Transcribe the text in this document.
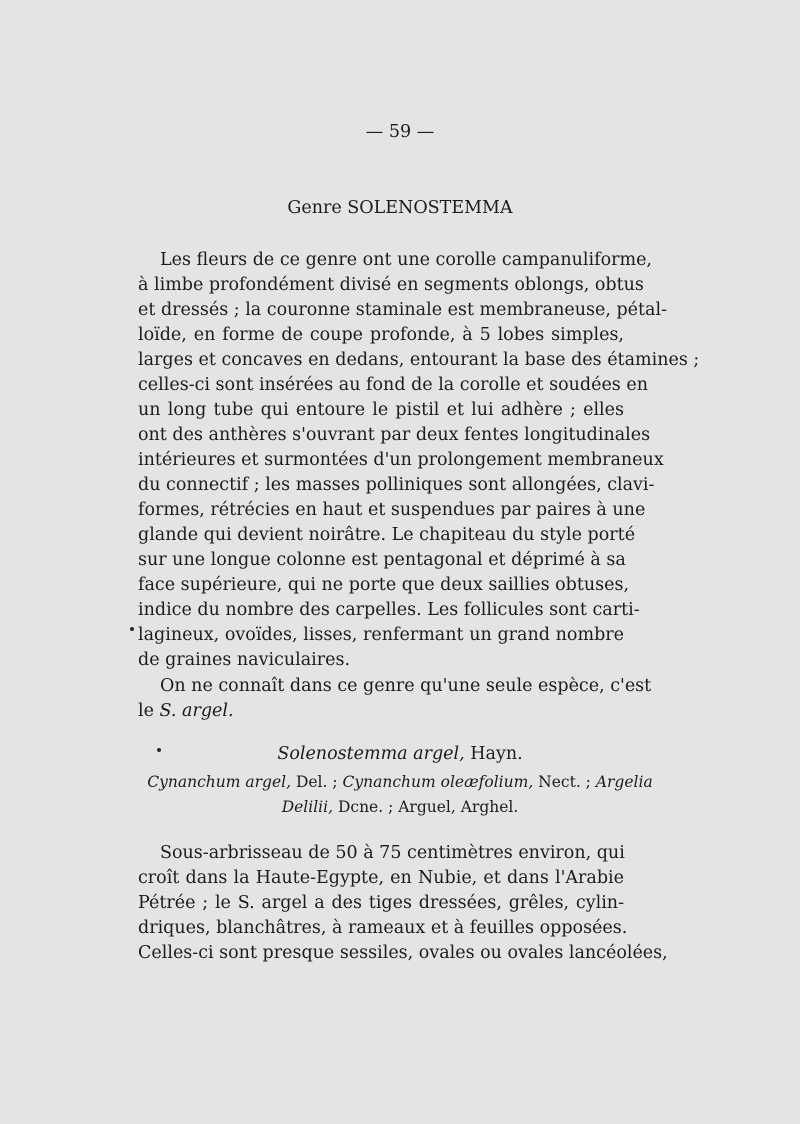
— 59 —
Genre SOLENOSTEMMA
Les fleurs de ce genre ont une corolle campanuliforme,
à limbe profondément divisé en segments oblongs, obtus
et dressés ; la couronne staminale est membraneuse, pétal-
loïde, en forme de coupe profonde, à 5 lobes simples,
larges et concaves en dedans, entourant la base des étamines ;
celles-ci sont insérées au fond de la corolle et soudées en
un long tube qui entoure le pistil et lui adhère ; elles
ont des anthères s'ouvrant par deux fentes longitudinales
intérieures et surmontées d'un prolongement membraneux
du connectif ; les masses polliniques sont allongées, clavi-
formes, rétrécies en haut et suspendues par paires à une
glande qui devient noirâtre. Le chapiteau du style porté
sur une longue colonne est pentagonal et déprimé à sa
face supérieure, qui ne porte que deux saillies obtuses,
indice du nombre des carpelles. Les follicules sont carti-
lagineux, ovoïdes, lisses, renfermant un grand nombre
de graines naviculaires.
On ne connaît dans ce genre qu'une seule espèce, c'est
le S. argel.
Solenostemma argel, Hayn.
Cynanchum argel, Del. ; Cynanchum oleæfolium, Nect. ; Argelia
Delilii, Dcne. ; Arguel, Arghel.
Sous-arbrisseau de 50 à 75 centimètres environ, qui
croît dans la Haute-Egypte, en Nubie, et dans l'Arabie
Pétrée ; le S. argel a des tiges dressées, grêles, cylin-
driques, blanchâtres, à rameaux et à feuilles opposées.
Celles-ci sont presque sessiles, ovales ou ovales lancéolées,
